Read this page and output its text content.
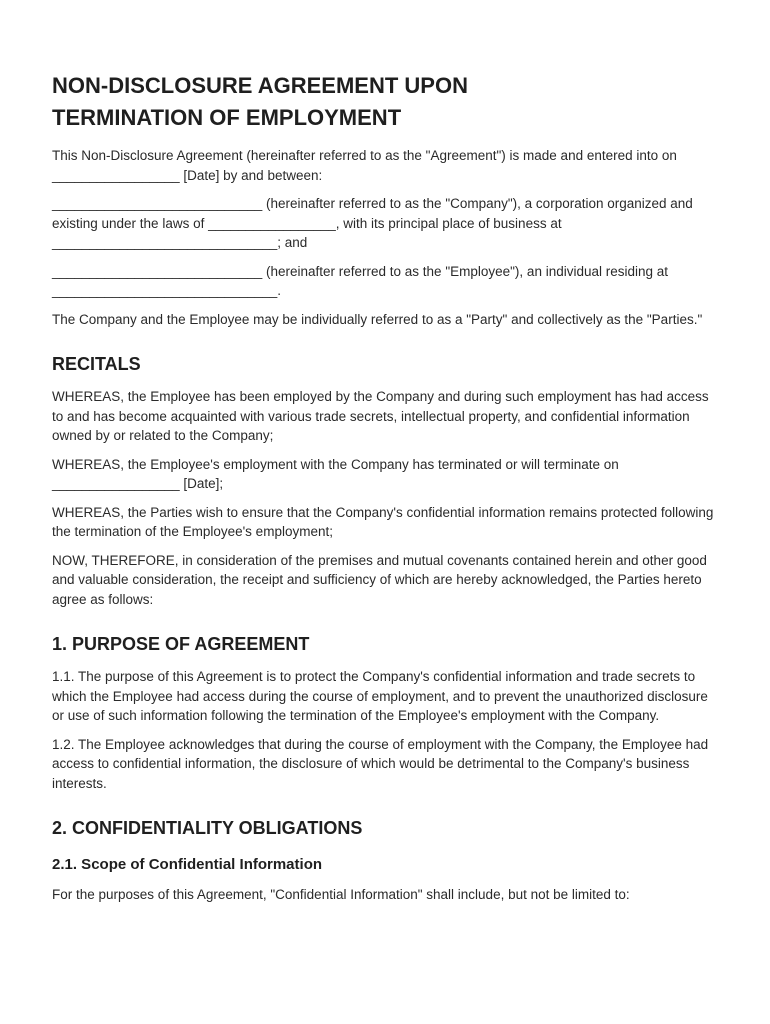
NON-DISCLOSURE AGREEMENT UPON
TERMINATION OF EMPLOYMENT

This Non-Disclosure Agreement (hereinafter referred to as the "Agreement") is made and entered into on _________________ [Date] by and between:

____________________________ (hereinafter referred to as the "Company"), a corporation organized and existing under the laws of _________________, with its principal place of business at ______________________________; and

____________________________ (hereinafter referred to as the "Employee"), an individual residing at ______________________________.

The Company and the Employee may be individually referred to as a "Party" and collectively as the "Parties."

RECITALS

WHEREAS, the Employee has been employed by the Company and during such employment has had access to and has become acquainted with various trade secrets, intellectual property, and confidential information owned by or related to the Company;

WHEREAS, the Employee's employment with the Company has terminated or will terminate on _________________ [Date];

WHEREAS, the Parties wish to ensure that the Company's confidential information remains protected following the termination of the Employee's employment;

NOW, THEREFORE, in consideration of the premises and mutual covenants contained herein and other good and valuable consideration, the receipt and sufficiency of which are hereby acknowledged, the Parties hereto agree as follows:

1. PURPOSE OF AGREEMENT

1.1. The purpose of this Agreement is to protect the Company's confidential information and trade secrets to which the Employee had access during the course of employment, and to prevent the unauthorized disclosure or use of such information following the termination of the Employee's employment with the Company.

1.2. The Employee acknowledges that during the course of employment with the Company, the Employee had access to confidential information, the disclosure of which would be detrimental to the Company's business interests.

2. CONFIDENTIALITY OBLIGATIONS
2.1. Scope of Confidential Information

For the purposes of this Agreement, "Confidential Information" shall include, but not be limited to:
